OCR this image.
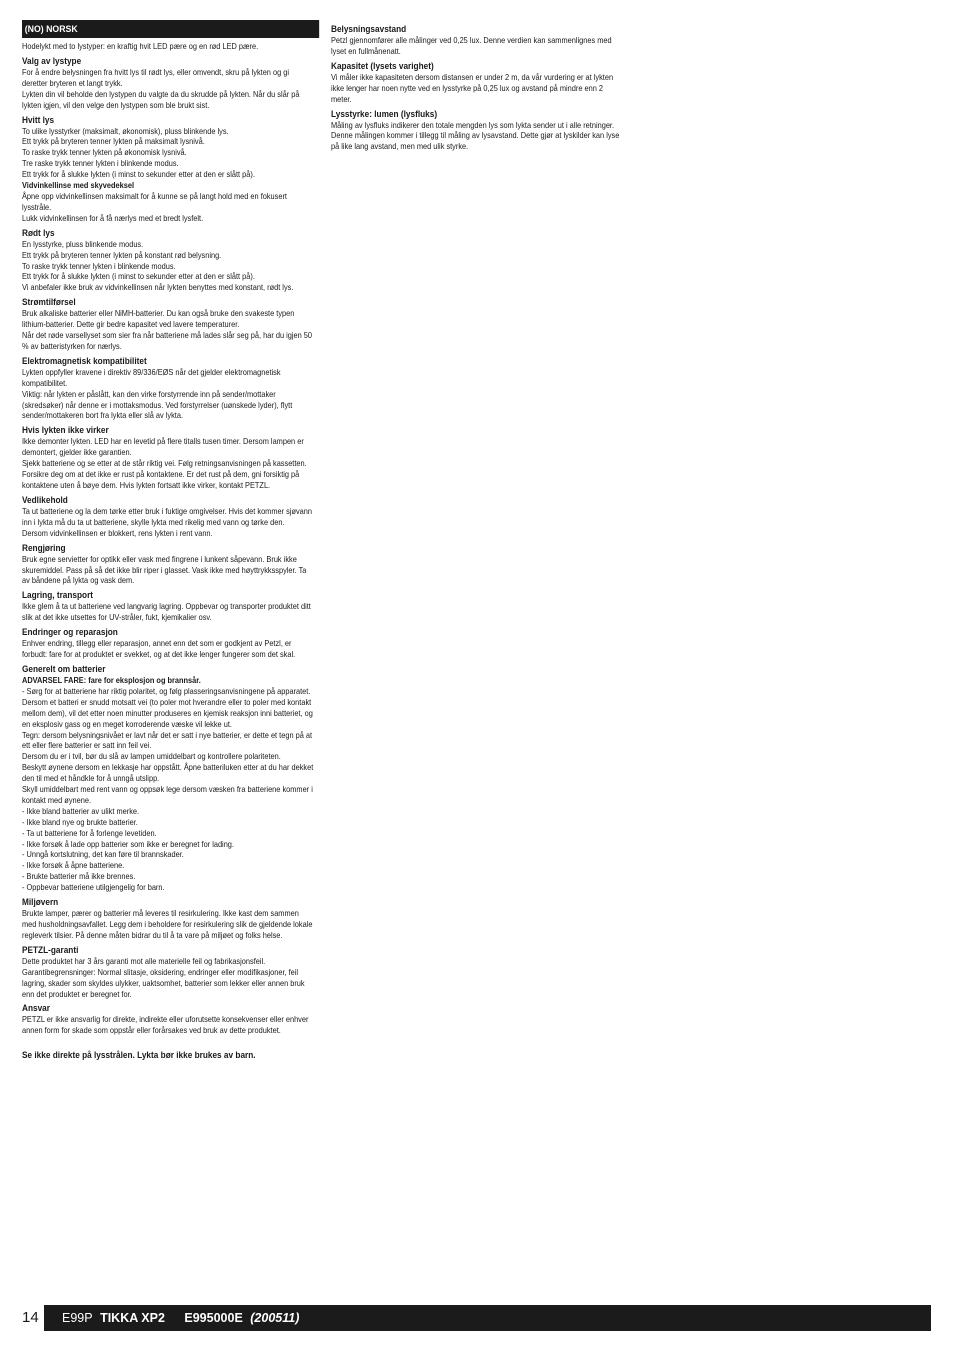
(NO) NORSK
Hodelykt med to lystyper: en kraftig hvit LED pære og en rød LED pære.
Valg av lystype
For å endre belysningen fra hvitt lys til rødt lys, eller omvendt, skru på lykten og gi deretter bryteren et langt trykk.
Lykten din vil beholde den lystypen du valgte da du skrudde på lykten. Når du slår på lykten igjen, vil den velge den lystypen som ble brukt sist.
Hvitt lys
To ulike lysstyrker (maksimalt, økonomisk), pluss blinkende lys.
Ett trykk på bryteren tenner lykten på maksimalt lysnivå.
To raske trykk tenner lykten på økonomisk lysnivå.
Tre raske trykk tenner lykten i blinkende modus.
Ett trykk for å slukke lykten (i minst to sekunder etter at den er slått på).
Vidvinkellinse med skyvedeksel
Åpne opp vidvinkellinsen maksimalt for å kunne se på langt hold med en fokusert lysstråle.
Lukk vidvinkellinsen for å få nærlys med et bredt lysfelt.
Rødt lys
En lysstyrke, pluss blinkende modus.
Ett trykk på bryteren tenner lykten på konstant rød belysning.
To raske trykk tenner lykten i blinkende modus.
Ett trykk for å slukke lykten (i minst to sekunder etter at den er slått på).
Vi anbefaler ikke bruk av vidvinkellinsen når lykten benyttes med konstant, rødt lys.
Strømtilførsel
Bruk alkaliske batterier eller NiMH-batterier. Du kan også bruke den svakeste typen lithium-batterier. Dette gir bedre kapasitet ved lavere temperaturer.
Når det røde varsellyset som sier fra når batteriene må lades slår seg på, har du igjen 50 % av batteristyrken for nærlys.
Elektromagnetisk kompatibilitet
Lykten oppfyller kravene i direktiv 89/336/EØS når det gjelder elektromagnetisk kompatibilitet.
Viktig: når lykten er påslått, kan den virke forstyrrende inn på sender/mottaker (skredsøker) når denne er i mottaksmodus. Ved forstyrrelser (uønskede lyder), flytt sender/mottakeren bort fra lykta eller slå av lykta.
Hvis lykten ikke virker
Ikke demonter lykten. LED har en levetid på flere titalls tusen timer. Dersom lampen er demontert, gjelder ikke garantien.
Sjekk batteriene og se etter at de står riktig vei. Følg retningsanvisningen på kassetten. Forsikre deg om at det ikke er rust på kontaktene. Er det rust på dem, gni forsiktig på kontaktene uten å bøye dem. Hvis lykten fortsatt ikke virker, kontakt PETZL.
Vedlikehold
Ta ut batteriene og la dem tørke etter bruk i fuktige omgivelser. Hvis det kommer sjøvann inn i lykta må du ta ut batteriene, skylle lykta med rikelig med vann og tørke den.
Dersom vidvinkellinsen er blokkert, rens lykten i rent vann.
Rengjøring
Bruk egne servietter for optikk eller vask med fingrene i lunkent såpevann. Bruk ikke skuremiddel. Pass på så det ikke blir riper i glasset. Vask ikke med høyttrykksspyler. Ta av båndene på lykta og vask dem.
Lagring, transport
Ikke glem å ta ut batteriene ved langvarig lagring. Oppbevar og transporter produktet ditt slik at det ikke utsettes for UV-stråler, fukt, kjemikalier osv.
Endringer og reparasjon
Enhver endring, tillegg eller reparasjon, annet enn det som er godkjent av Petzl, er forbudt: fare for at produktet er svekket, og at det ikke lenger fungerer som det skal.
Generelt om batterier
ADVARSEL FARE: fare for eksplosjon og brannsår.
- Sørg for at batteriene har riktig polaritet, og følg plasseringsanvisningene på apparatet.
Dersom et batteri er snudd motsatt vei (to poler mot hverandre eller to poler med kontakt mellom dem), vil det etter noen minutter produseres en kjemisk reaksjon inni batteriet, og en eksplosiv gass og en meget korroderende væske vil lekke ut.
Tegn: dersom belysningsnivået er lavt når det er satt i nye batterier, er dette et tegn på at ett eller flere batterier er satt inn feil vei.
Dersom du er i tvil, bør du slå av lampen umiddelbart og kontrollere polariteten.
Beskytt øynene dersom en lekkasje har oppstått. Åpne batteriluken etter at du har dekket den til med et håndkle for å unngå utslipp.
Skyll umiddelbart med rent vann og oppsøk lege dersom væsken fra batteriene kommer i kontakt med øynene.
- Ikke bland batterier av ulikt merke.
- Ikke bland nye og brukte batterier.
- Ta ut batteriene for å forlenge levetiden.
- Ikke forsøk å lade opp batterier som ikke er beregnet for lading.
- Unngå kortslutning, det kan føre til brannskader.
- Ikke forsøk å åpne batteriene.
- Brukte batterier må ikke brennes.
- Oppbevar batteriene utilgjengelig for barn.
Miljøvern
Brukte lamper, pærer og batterier må leveres til resirkulering. Ikke kast dem sammen med husholdningsavfallet. Legg dem i beholdere for resirkulering slik de gjeldende lokale regleverk tilsier. På denne måten bidrar du til å ta vare på miljøet og folks helse.
PETZL-garanti
Dette produktet har 3 års garanti mot alle materielle feil og fabrikasjonsfeil. Garantibegrensninger: Normal slitasje, oksidering, endringer eller modifikasjoner, feil lagring, skader som skyldes ulykker, uaktsomhet, batterier som lekker eller annen bruk enn det produktet er beregnet for.
Ansvar
PETZL er ikke ansvarlig for direkte, indirekte eller uforutsette konsekvenser eller enhver annen form for skade som oppstår eller forårsakes ved bruk av dette produktet.
Se ikke direkte på lysstrålen. Lykta bør ikke brukes av barn.
Belysningsavstand
Petzl gjennomfører alle målinger ved 0,25 lux. Denne verdien kan sammenlignes med lyset en fullmånenatt.
Kapasitet (lysets varighet)
Vi måler ikke kapasiteten dersom distansen er under 2 m, da vår vurdering er at lykten ikke lenger har noen nytte ved en lysstyrke på 0,25 lux og avstand på mindre enn 2 meter.
Lysstyrke: lumen (lysfluks)
Måling av lysfluks indikerer den totale mengden lys som lykta sender ut i alle retninger.
Denne målingen kommer i tillegg til måling av lysavstand. Dette gjør at lyskilder kan lyse på like lang avstand, men med ulik styrke.
14	E99P TIKKA XP2 E995000E (200511)
